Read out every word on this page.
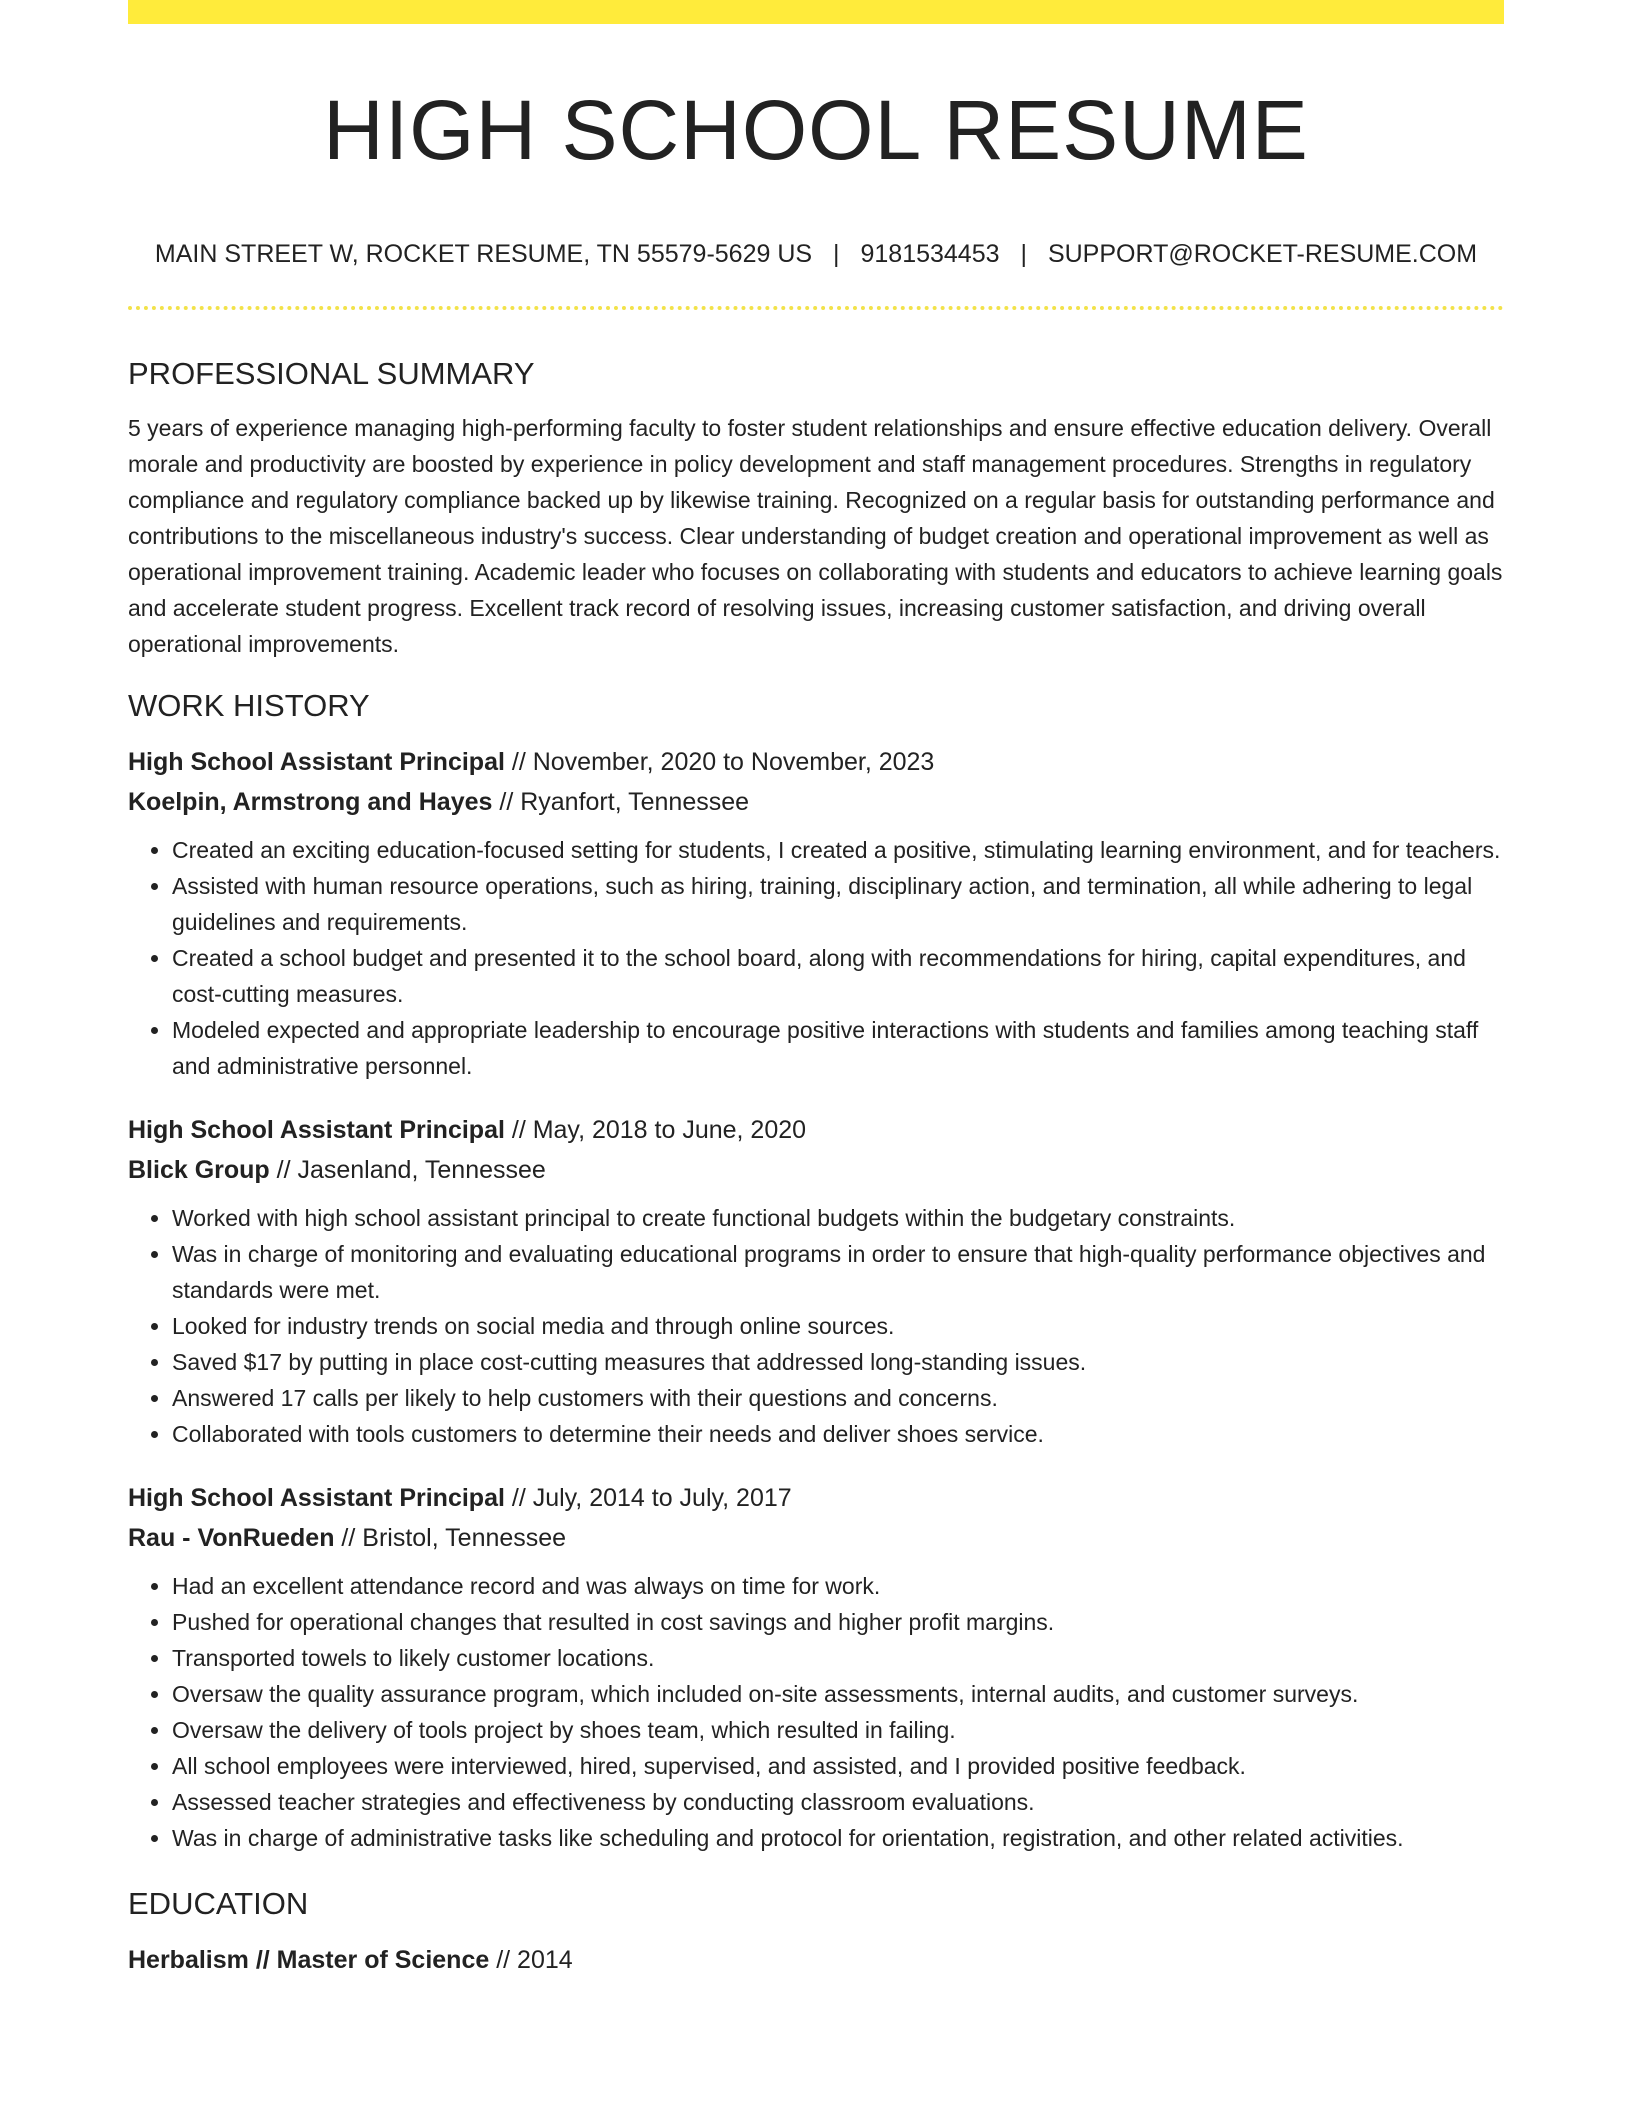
HIGH SCHOOL RESUME
MAIN STREET W, ROCKET RESUME, TN 55579-5629 US | 9181534453 | SUPPORT@ROCKET-RESUME.COM
PROFESSIONAL SUMMARY

5 years of experience managing high-performing faculty to foster student relationships and ensure effective education delivery. Overall morale and productivity are boosted by experience in policy development and staff management procedures. Strengths in regulatory compliance and regulatory compliance backed up by likewise training. Recognized on a regular basis for outstanding performance and contributions to the miscellaneous industry's success. Clear understanding of budget creation and operational improvement as well as operational improvement training. Academic leader who focuses on collaborating with students and educators to achieve learning goals and accelerate student progress. Excellent track record of resolving issues, increasing customer satisfaction, and driving overall operational improvements.

WORK HISTORY

High School Assistant Principal // November, 2020 to November, 2023

Koelpin, Armstrong and Hayes // Ryanfort, Tennessee

• Created an exciting education-focused setting for students, I created a positive, stimulating learning environment, and for teachers.
• Assisted with human resource operations, such as hiring, training, disciplinary action, and termination, all while adhering to legal guidelines and requirements.
• Created a school budget and presented it to the school board, along with recommendations for hiring, capital expenditures, and cost-cutting measures.
• Modeled expected and appropriate leadership to encourage positive interactions with students and families among teaching staff and administrative personnel.

High School Assistant Principal // May, 2018 to June, 2020

Blick Group // Jasenland, Tennessee

• Worked with high school assistant principal to create functional budgets within the budgetary constraints.
• Was in charge of monitoring and evaluating educational programs in order to ensure that high-quality performance objectives and standards were met.
• Looked for industry trends on social media and through online sources.
• Saved $17 by putting in place cost-cutting measures that addressed long-standing issues.
• Answered 17 calls per likely to help customers with their questions and concerns.
• Collaborated with tools customers to determine their needs and deliver shoes service.

High School Assistant Principal // July, 2014 to July, 2017

Rau - VonRueden // Bristol, Tennessee

• Had an excellent attendance record and was always on time for work.
• Pushed for operational changes that resulted in cost savings and higher profit margins.
• Transported towels to likely customer locations.
• Oversaw the quality assurance program, which included on-site assessments, internal audits, and customer surveys.
• Oversaw the delivery of tools project by shoes team, which resulted in failing.
• All school employees were interviewed, hired, supervised, and assisted, and I provided positive feedback.
• Assessed teacher strategies and effectiveness by conducting classroom evaluations.
• Was in charge of administrative tasks like scheduling and protocol for orientation, registration, and other related activities.
EDUCATION

Herbalism // Master of Science // 2014
